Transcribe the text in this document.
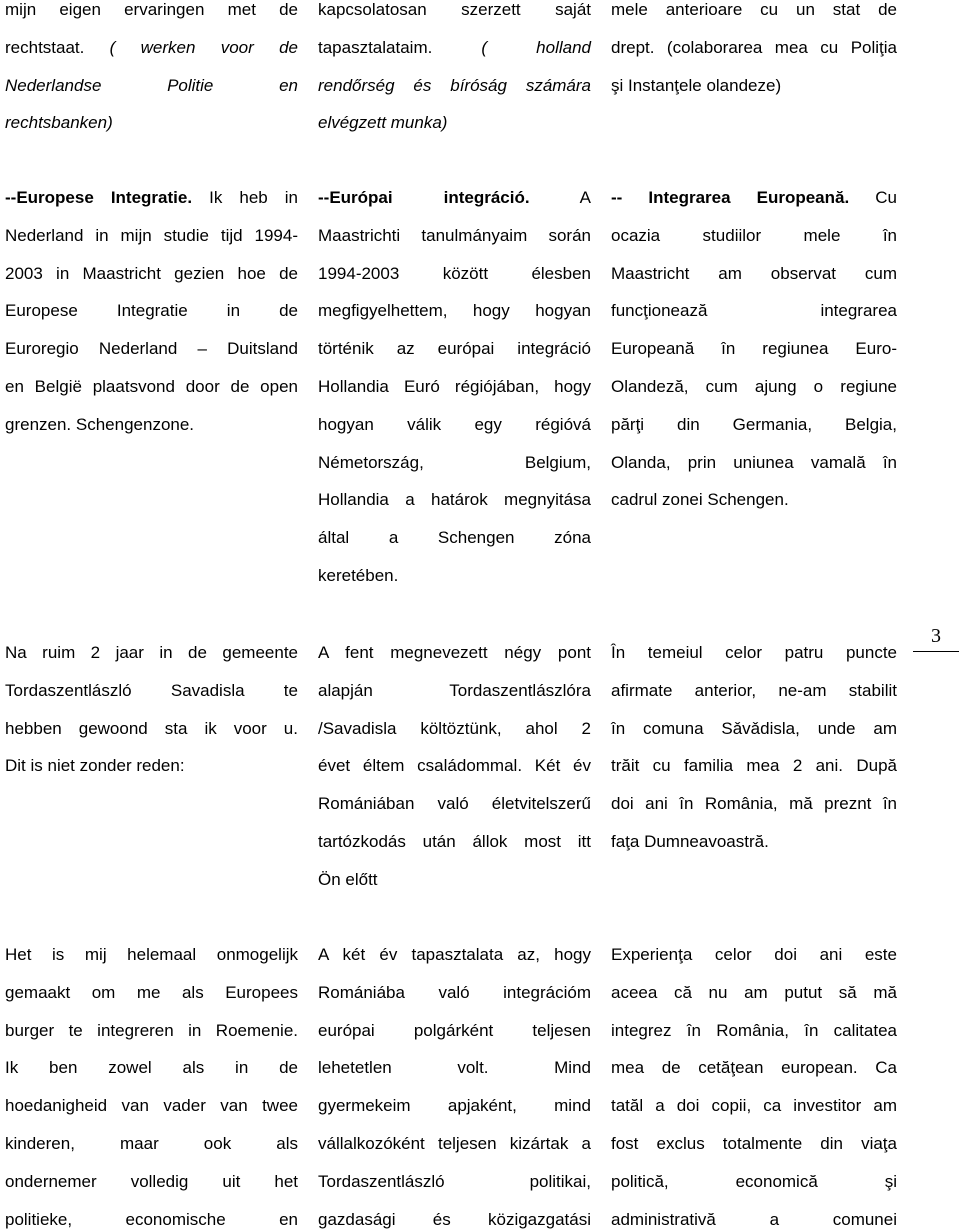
mijn eigen ervaringen met de
rechtstaat. ( werken voor de
Nederlandse Politie en
rechtsbanken)
kapcsolatosan szerzett saját
tapasztalataim.	( holland
rendőrség és bíróság számára
elvégzett munka)
mele anterioare cu un stat de
drept. (colaborarea mea cu Poliţia
şi Instanţele olandeze)
--Europese Integratie. Ik heb in
Nederland in mijn studie tijd 1994-
2003 in Maastricht gezien hoe de
Europese Integratie in de
Euroregio Nederland – Duitsland
en België plaatsvond door de open
grenzen. Schengenzone.
--Európai integráció.	A
Maastrichti tanulmányaim során
1994-2003 között élesben
megfigyelhettem, hogy hogyan
történik az európai integráció
Hollandia Euró régiójában, hogy
hogyan válik egy régióvá
Németország, Belgium,
Hollandia a határok megnyitása
által a Schengen zóna
keretében.
-- Integrarea Europeană. Cu
ocazia studiilor mele în
Maastricht am observat cum
funcţionează integrarea
Europeană în regiunea Euro-
Olandeză, cum ajung o regiune
părţi din Germania, Belgia,
Olanda, prin uniunea vamală în
cadrul zonei Schengen.
3
Na ruim 2 jaar in de gemeente
Tordaszentlászló Savadisla te
hebben gewoond sta ik voor u.
Dit is niet zonder reden:
A fent megnevezett négy pont
alapján Tordaszentlászlóra
/Savadisla költöztünk, ahol 2
évet éltem családommal. Két év
Romániában való életvitelszerű
tartózkodás után állok most itt
Ön előtt
În temeiul celor patru puncte
afirmate anterior, ne-am stabilit
în comuna Sǎvǎdisla, unde am
trăit cu familia mea 2 ani. După
doi ani în România, mă preznt în
faţa Dumneavoastră.
Het is mij helemaal onmogelijk
gemaakt om me als Europees
burger te integreren in Roemenie.
Ik ben zowel als in de
hoedanigheid van vader van twee
kinderen, maar ook als
ondernemer volledig uit het
politieke, economische en
A két év tapasztalata az, hogy
Romániába való integrációm
európai polgárként teljesen
lehetetlen volt. Mind
gyermekeim apjaként, mind
vállalkozóként teljesen kizártak a
Tordaszentlászló politikai,
gazdasági és közigazgatási
Experienţa celor doi ani este
aceea că nu am putut să mă
integrez în România, în calitatea
mea de cetăţean european. Ca
tatăl a doi copii, ca investitor am
fost exclus totalmente din viaţa
politică, economică şi
administrativă a comunei
